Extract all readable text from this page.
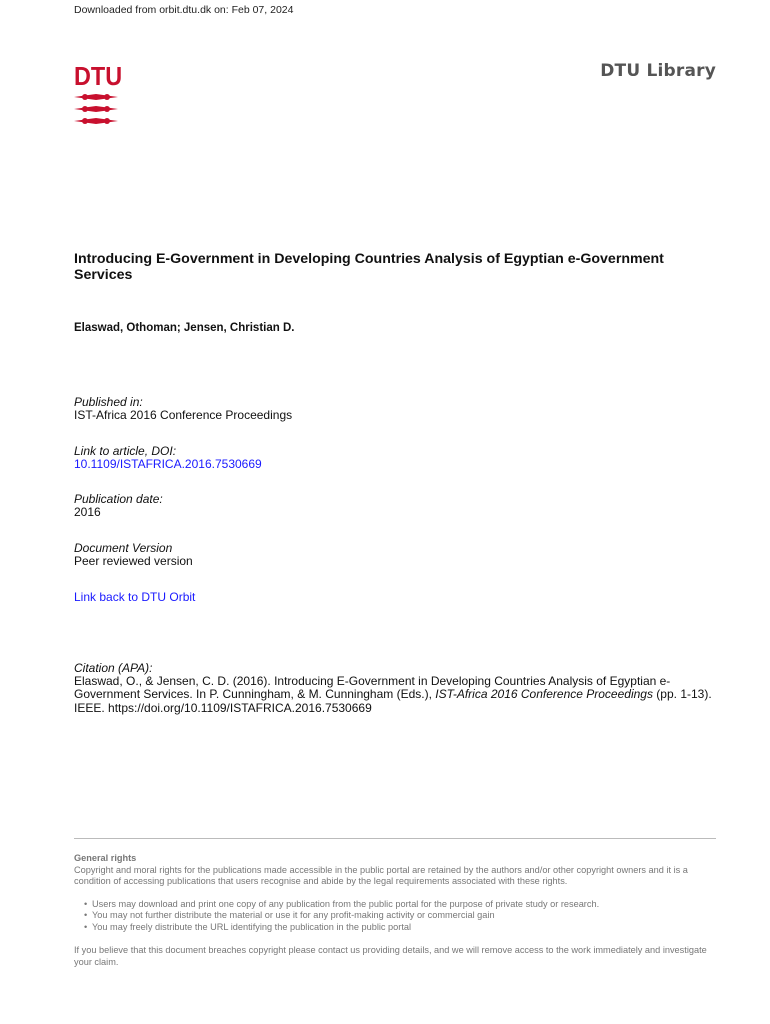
Downloaded from orbit.dtu.dk on: Feb 07, 2024
DTU	DTU Library
Introducing E-Government in Developing Countries Analysis of Egyptian e-Government Services
Elaswad, Othoman; Jensen, Christian D.
Published in:
IST-Africa 2016 Conference Proceedings
Link to article, DOI:
10.1109/ISTAFRICA.2016.7530669
Publication date:
2016
Document Version
Peer reviewed version
Link back to DTU Orbit
Citation (APA):
Elaswad, O., & Jensen, C. D. (2016). Introducing E-Government in Developing Countries Analysis of Egyptian e-Government Services. In P. Cunningham, & M. Cunningham (Eds.), IST-Africa 2016 Conference Proceedings (pp. 1-13). IEEE. https://doi.org/10.1109/ISTAFRICA.2016.7530669
General rights
Copyright and moral rights for the publications made accessible in the public portal are retained by the authors and/or other copyright owners and it is a condition of accessing publications that users recognise and abide by the legal requirements associated with these rights.
• Users may download and print one copy of any publication from the public portal for the purpose of private study or research.
• You may not further distribute the material or use it for any profit-making activity or commercial gain
• You may freely distribute the URL identifying the publication in the public portal
If you believe that this document breaches copyright please contact us providing details, and we will remove access to the work immediately and investigate your claim.
